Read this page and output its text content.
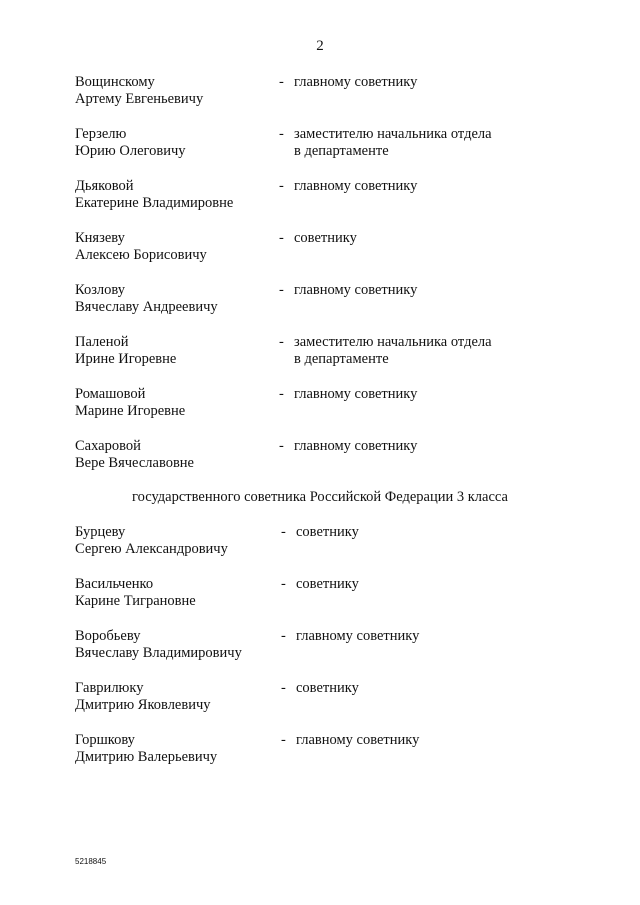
2
Вощинскому
Артему Евгеньевичу
- главному советнику
Герзелю
Юрию Олеговичу
- заместителю начальника отдела
в департаменте
Дьяковой
Екатерине Владимировне
- главному советнику
Князеву
Алексею Борисовичу
- советнику
Козлову
Вячеславу Андреевичу
- главному советнику
Паленой
Ирине Игоревне
- заместителю начальника отдела
в департаменте
Ромашовой
Марине Игоревне
- главному советнику
Сахаровой
Вере Вячеславовне
- главному советнику
государственного советника Российской Федерации 3 класса
Бурцеву
Сергею Александровичу
- советнику
Васильченко
Карине Тиграновне
- советнику
Воробьеву
Вячеславу Владимировичу
- главному советнику
Гаврилюку
Дмитрию Яковлевичу
- советнику
Горшкову
Дмитрию Валерьевичу
- главному советнику
5218845
